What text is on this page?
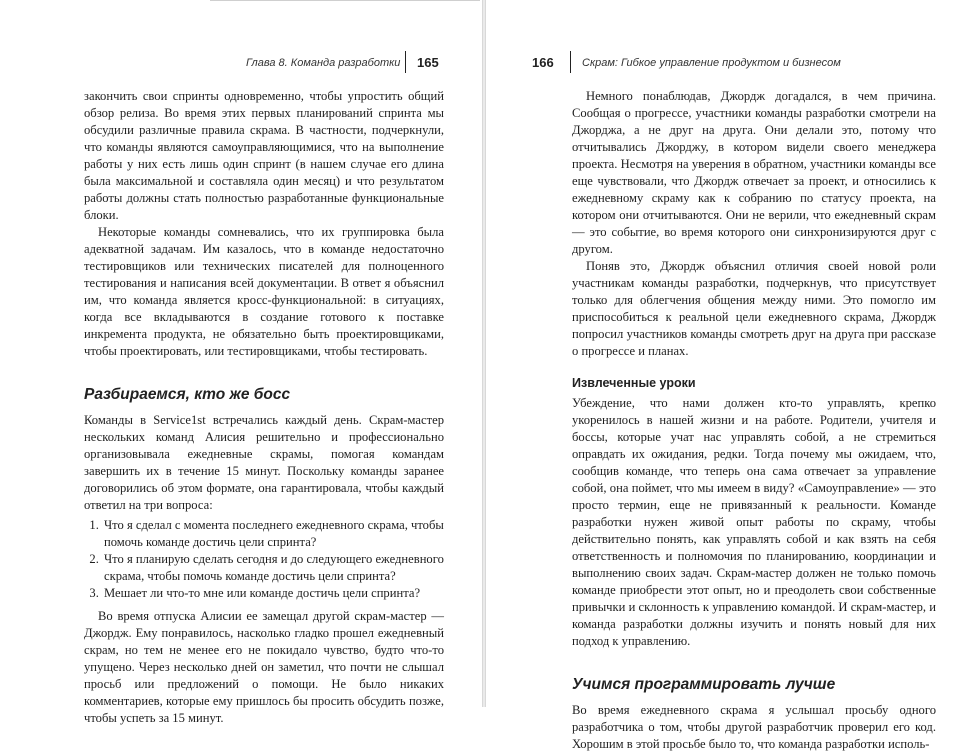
Глава 8. Команда разработки 165

закончить свои спринты одновременно, чтобы упростить общий обзор релиза. Во время этих первых планирований спринта мы обсудили различные правила скрама. В частности, подчеркнули, что команды являются самоуправляющимися, что на выполнение работы у них есть лишь один спринт (в нашем случае его длина была максимальной и составляла один месяц) и что результатом работы должны стать полностью разработанные функциональные блоки.

Некоторые команды сомневались, что их группировка была адекватной задачам. Им казалось, что в команде недостаточно тестировщиков или технических писателей для полноценного тестирования и написания всей документации. В ответ я объяснил им, что команда является кросс-функциональной: в ситуациях, когда все вкладываются в создание готового к поставке инкремента продукта, не обязательно быть проектировщиками, чтобы проектировать, или тестировщиками, чтобы тестировать.

Разбираемся, кто же босс

Команды в Service1st встречались каждый день. Скрам-мастер нескольких команд Алисия решительно и профессионально организовывала ежедневные скрамы, помогая командам завершить их в течение 15 минут. Поскольку команды заранее договорились об этом формате, она гарантировала, чтобы каждый ответил на три вопроса:

1. Что я сделал с момента последнего ежедневного скрама, чтобы помочь команде достичь цели спринта?
2. Что я планирую сделать сегодня и до следующего ежедневного скрама, чтобы помочь команде достичь цели спринта?
3. Мешает ли что-то мне или команде достичь цели спринта?

Во время отпуска Алисии ее замещал другой скрам-мастер — Джордж. Ему понравилось, насколько гладко прошел ежедневный скрам, но тем не менее его не покидало чувство, будто что-то упущено. Через несколько дней он заметил, что почти не слышал просьб или предложений о помощи. Не было никаких комментариев, которые ему пришлось бы просить обсудить позже, чтобы успеть за 15 минут.

166	Скрам: Гибкое управление продуктом и бизнесом

Немного понаблюдав, Джордж догадался, в чем причина. Сообщая о прогрессе, участники команды разработки смотрели на Джорджа, а не друг на друга. Они делали это, потому что отчитывались Джорджу, в котором видели своего менеджера проекта. Несмотря на уверения в обратном, участники команды все еще чувствовали, что Джордж отвечает за проект, и относились к ежедневному скраму как к собранию по статусу проекта, на котором они отчитываются. Они не верили, что ежедневный скрам — это событие, во время которого они синхронизируются друг с другом.

Поняв это, Джордж объяснил отличия своей новой роли участникам команды разработки, подчеркнув, что присутствует только для облегчения общения между ними. Это помогло им приспособиться к реальной цели ежедневного скрама, Джордж попросил участников команды смотреть друг на друга при рассказе о прогрессе и планах.

Извлеченные уроки

Убеждение, что нами должен кто-то управлять, крепко укоренилось в нашей жизни и на работе. Родители, учителя и боссы, которые учат нас управлять собой, а не стремиться оправдать их ожидания, редки. Тогда почему мы ожидаем, что, сообщив команде, что теперь она сама отвечает за управление собой, она поймет, что мы имеем в виду? «Самоуправление» — это просто термин, еще не привязанный к реальности. Команде разработки нужен живой опыт работы по скраму, чтобы действительно понять, как управлять собой и как взять на себя ответственность и полномочия по планированию, координации и выполнению своих задач. Скрам-мастер должен не только помочь команде приобрести этот опыт, но и преодолеть свои собственные привычки и склонность к управлению командой. И скрам-мастер, и команда разработки должны изучить и понять новый для них подход к управлению.

Учимся программировать лучше

Во время ежедневного скрама я услышал просьбу одного разработчика о том, чтобы другой разработчик проверил его код. Хорошим в этой просьбе было то, что команда разработки исполь-
